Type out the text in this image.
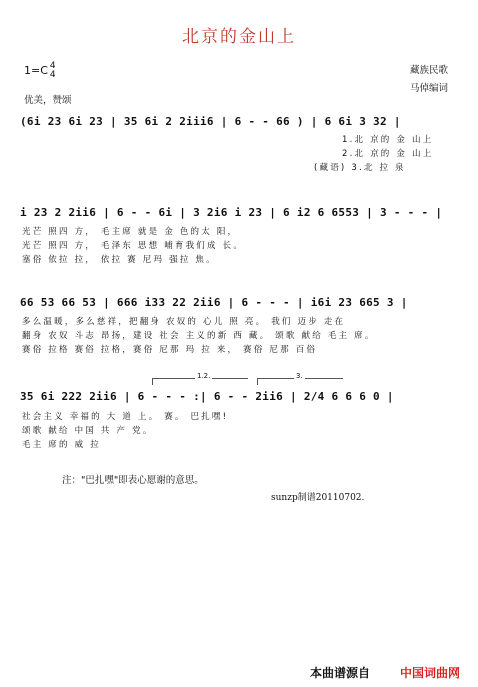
北京的金山上
1=C 4
4	藏族民歌
马倬编词
优美，赞颂
(6i 23 6i 23 | 35 6i 2 2iii6 | 6 - - 66 ) | 6 6i 3 32 |
1.北 京的 金 山上
2.北 京的 金 山上
(藏语) 3.北 拉 泉
i 23 2 2ii6 | 6 - - 6i | 3 2i6 i 23 | 6 i2 6 6553 | 3 - - - |
光芒 照四 方， 毛主席 就是 金 色的太 阳，
光芒 照四 方， 毛泽东 思想 哺育我们成 长。
塞俗 依拉 拉， 依拉 赛 尼玛 强拉 焦。
66 53 66 53 | 666 i33 22 2ii6 | 6 - - - | i6i 23 665 3 |
多么温暖，多么慈祥，把翻身 农奴的 心儿 照 亮。 我们 迈步 走在
翻身 农奴 斗志 昂扬，建设 社会 主义的新 西 藏。 颂歌 献给 毛主 席。
赛俗 拉格 赛俗 拉格，赛俗 尼那 玛 拉 来， 赛俗 尼那 百俗
1.2.	3.
35 6i 222 2ii6 | 6 - - - :| 6 - - 2ii6 | 2/4 6 6 6 0 |
社会主义 幸福的 大 道 上。 赛。 巴扎嘿!
颂歌 献给 中国 共 产 党。
毛主 席的 威 拉
注："巴扎嘿"即表心愿谢的意思。
sunzp制谱20110702.
本曲谱源自 中国词曲网
